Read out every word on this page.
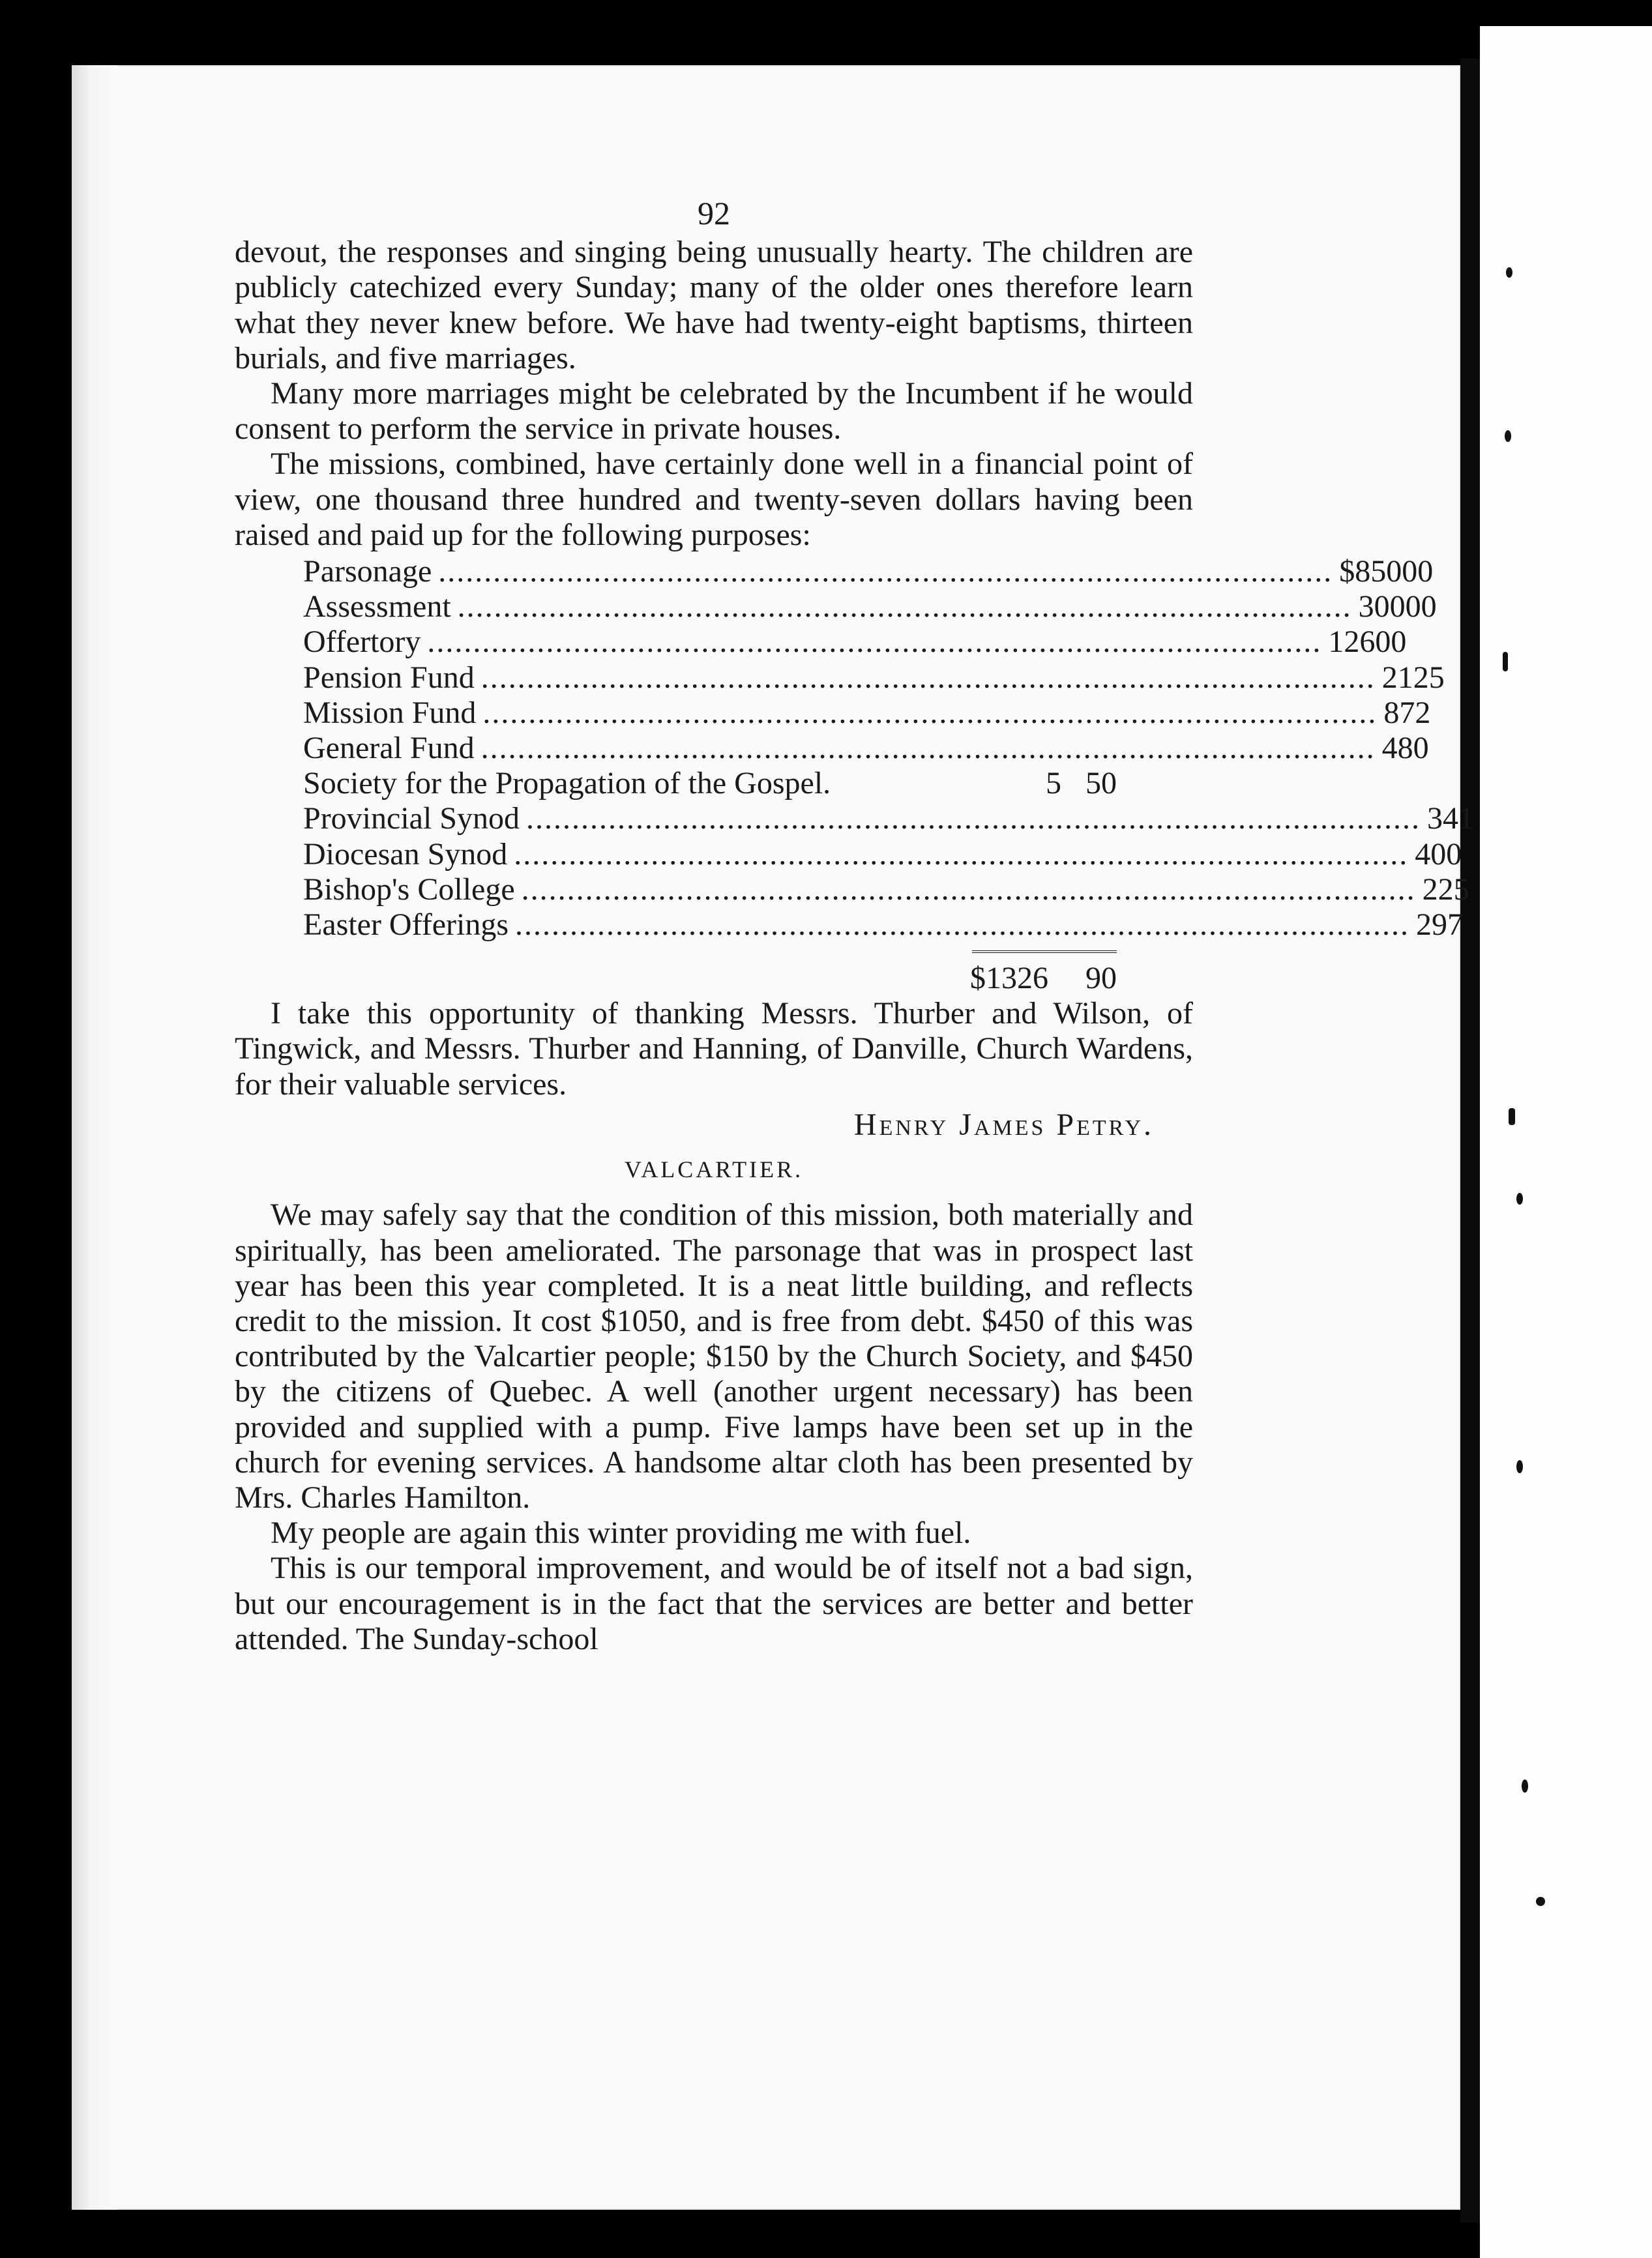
92

devout, the responses and singing being unusually hearty. The children are publicly catechized every Sunday; many of the older ones therefore learn what they never knew before. We have had twenty-eight baptisms, thirteen burials, and five marriages.

Many more marriages might be celebrated by the Incumbent if he would consent to perform the service in private houses.

The missions, combined, have certainly done well in a financial point of view, one thousand three hundred and twenty-seven dollars having been raised and paid up for the following purposes:

Parsonage .................................................................................................. $850 00
Assessment .................................................................................................. 300 00
Offertory .................................................................................................. 126 00
Pension Fund .................................................................................................. 21 25
Mission Fund .................................................................................................. 8 72
General Fund .................................................................................................. 4 80
Society for the Propagation of the Gospel.	5 50
Provincial Synod .................................................................................................. 3 41
Diocesan Synod .................................................................................................. 4 00
Bishop's College .................................................................................................. 2 25
Easter Offerings .................................................................................................. 2 97
$1326	90

I take this opportunity of thanking Messrs. Thurber and Wilson, of Tingwick, and Messrs. Thurber and Hanning, of Danville, Church Wardens, for their valuable services.

Henry James Petry.
VALCARTIER.

We may safely say that the condition of this mission, both materially and spiritually, has been ameliorated. The parsonage that was in prospect last year has been this year completed. It is a neat little building, and reflects credit to the mission. It cost $1050, and is free from debt. $450 of this was contributed by the Valcartier people; $150 by the Church Society, and $450 by the citizens of Quebec. A well (another urgent necessary) has been provided and supplied with a pump. Five lamps have been set up in the church for evening services. A handsome altar cloth has been presented by Mrs. Charles Hamilton.

My people are again this winter providing me with fuel.

This is our temporal improvement, and would be of itself not a bad sign, but our encouragement is in the fact that the services are better and better attended. The Sunday-school
